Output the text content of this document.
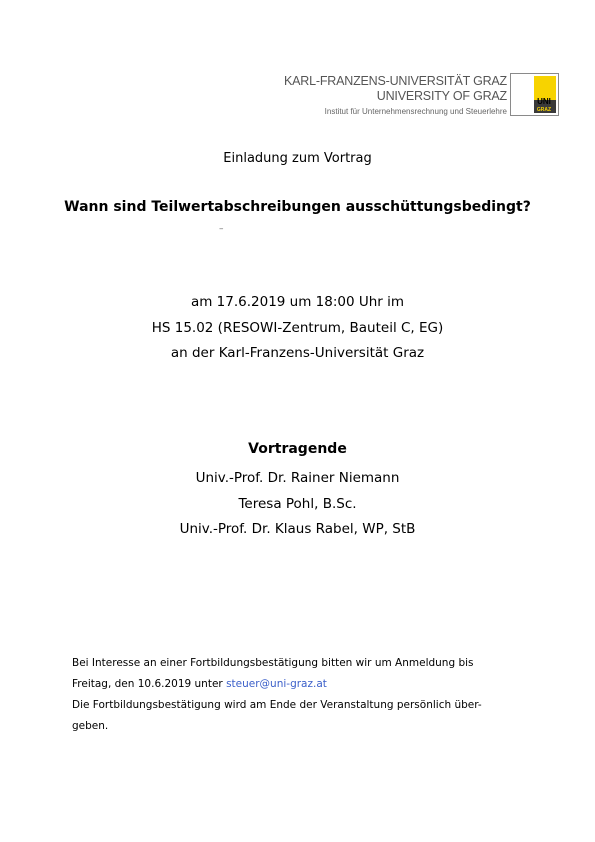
KARL-FRANZENS-UNIVERSITÄT GRAZ
UNIVERSITY OF GRAZ
Institut für Unternehmensrechnung und Steuerlehre
UNI
GRAZ
Einladung zum Vortrag
Wann sind Teilwertabschreibungen ausschüttungsbedingt?
–
am 17.6.2019 um 18:00 Uhr im
HS 15.02 (RESOWI-Zentrum, Bauteil C, EG)
an der Karl-Franzens-Universität Graz
Vortragende
Univ.-Prof. Dr. Rainer Niemann
Teresa Pohl, B.Sc.
Univ.-Prof. Dr. Klaus Rabel, WP, StB
Bei Interesse an einer Fortbildungsbestätigung bitten wir um Anmeldung bis
Freitag, den 10.6.2019 unter steuer@uni-graz.at
Die Fortbildungsbestätigung wird am Ende der Veranstaltung persönlich über-
geben.
